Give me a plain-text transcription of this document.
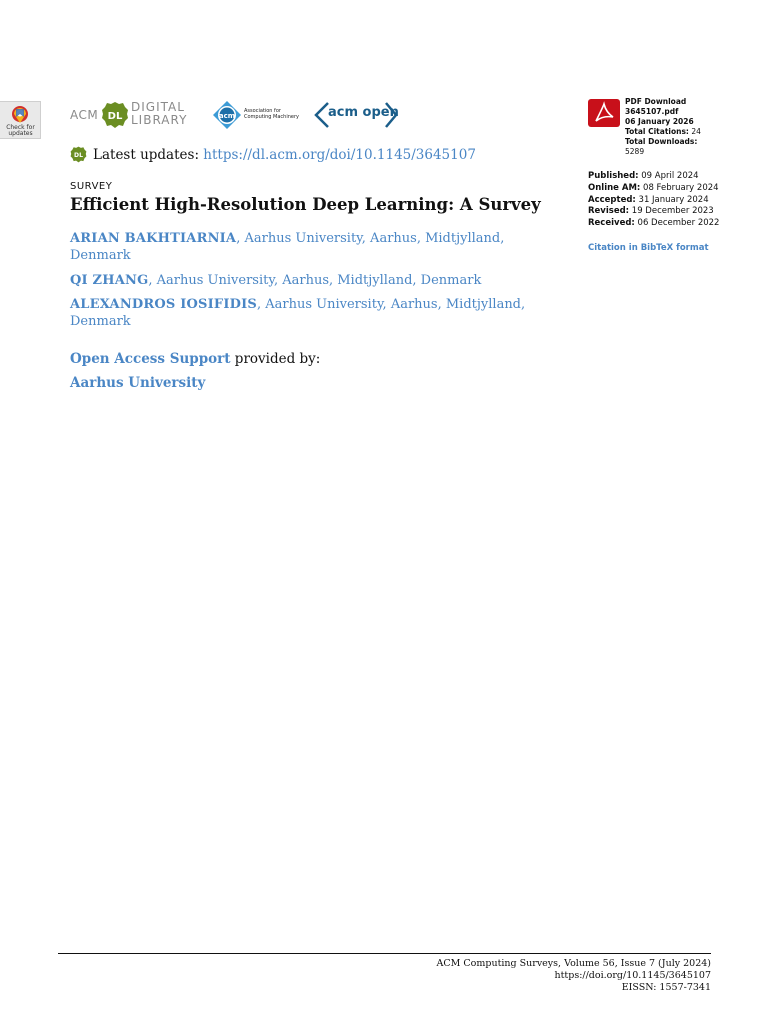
Check for updates
ACM DL
DIGITAL
LIBRARY	acm
Association for Computing Machinery	acm open
DL Latest updates: https://dl.acm.org/doi/10.1145/3645107
SURVEY
Efficient High-Resolution Deep Learning: A Survey
ARIAN BAKHTIARNIA, Aarhus University, Aarhus, Midtjylland, Denmark
QI ZHANG, Aarhus University, Aarhus, Midtjylland, Denmark
ALEXANDROS IOSIFIDIS, Aarhus University, Aarhus, Midtjylland, Denmark
Open Access Support provided by:
Aarhus University
PDF Download
3645107.pdf
06 January 2026
Total Citations: 24
Total Downloads:
5289
Published: 09 April 2024
Online AM: 08 February 2024
Accepted: 31 January 2024
Revised: 19 December 2023
Received: 06 December 2022
Citation in BibTeX format
ACM Computing Surveys, Volume 56, Issue 7 (July 2024)
https://doi.org/10.1145/3645107
EISSN: 1557-7341
